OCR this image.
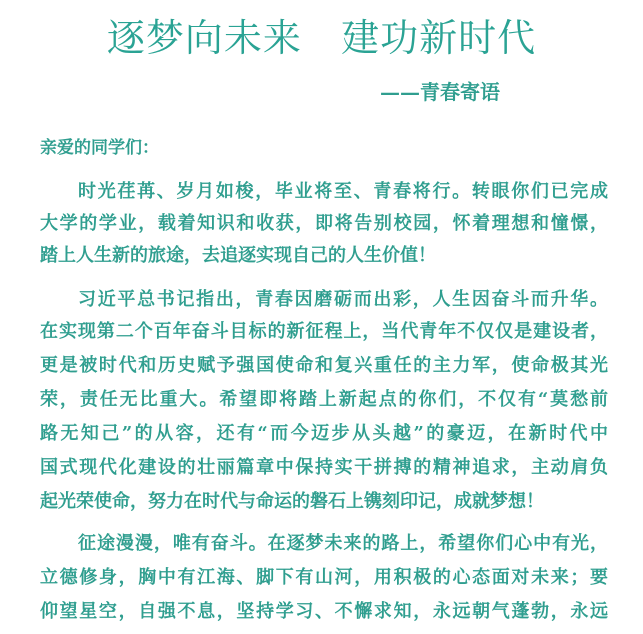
逐梦向未来   建功新时代
——青春寄语
亲爱的同学们：
时光荏苒、岁月如梭，毕业将至、青春将行。转眼你们已完成
大学的学业，载着知识和收获，即将告别校园，怀着理想和憧憬，
踏上人生新的旅途，去追逐实现自己的人生价值！
习近平总书记指出，青春因磨砺而出彩，人生因奋斗而升华。
在实现第二个百年奋斗目标的新征程上，当代青年不仅仅是建设者，
更是被时代和历史赋予强国使命和复兴重任的主力军，使命极其光
荣，责任无比重大。希望即将踏上新起点的你们，不仅有“莫愁前
路无知己”的从容，还有“而今迈步从头越”的豪迈，在新时代中
国式现代化建设的壮丽篇章中保持实干拼搏的精神追求，主动肩负
起光荣使命，努力在时代与命运的磐石上镌刻印记，成就梦想！
征途漫漫，唯有奋斗。在逐梦未来的路上，希望你们心中有光，
立德修身，胸中有江海、脚下有山河，用积极的心态面对未来；要
仰望星空，自强不息，坚持学习、不懈求知，永远朝气蓬勃，永远
